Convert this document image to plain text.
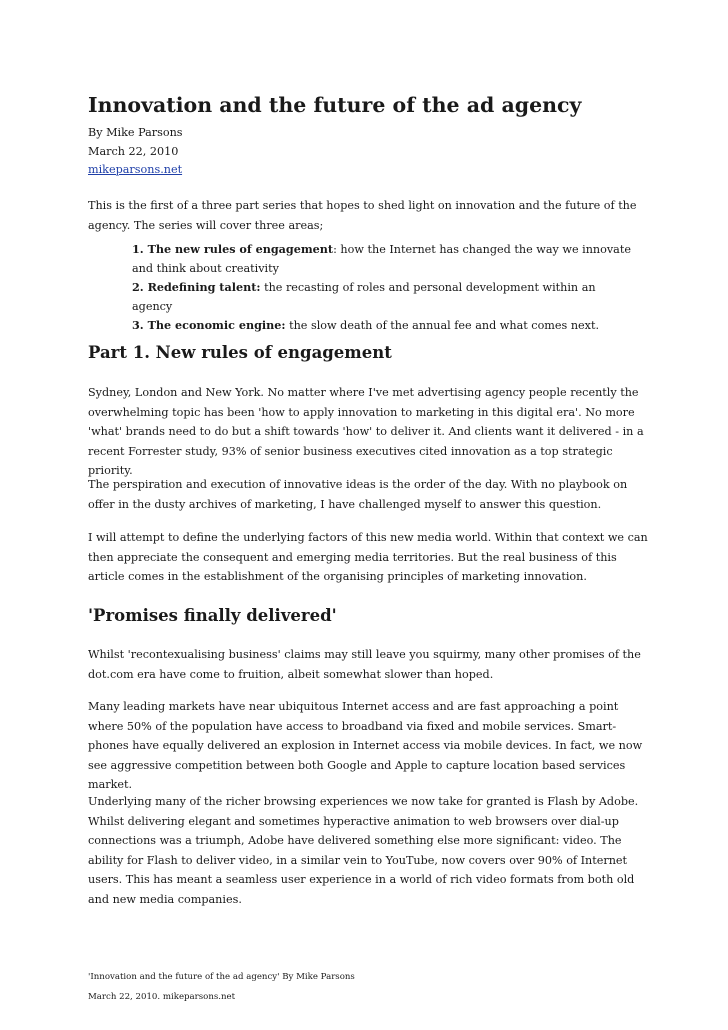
Innovation and the future of the ad agency
By Mike Parsons
March 22, 2010
mikeparsons.net

This is the first of a three part series that hopes to shed light on innovation and the future of the agency. The series will cover three areas;

1. The new rules of engagement: how the Internet has changed the way we innovate and think about creativity
2. Redefining talent: the recasting of roles and personal development within an agency
3. The economic engine: the slow death of the annual fee and what comes next.
Part 1. New rules of engagement

Sydney, London and New York. No matter where I've met advertising agency people recently the overwhelming topic has been 'how to apply innovation to marketing in this digital era'. No more 'what' brands need to do but a shift towards 'how' to deliver it. And clients want it delivered - in a recent Forrester study, 93% of senior business executives cited innovation as a top strategic priority.

The perspiration and execution of innovative ideas is the order of the day. With no playbook on offer in the dusty archives of marketing, I have challenged myself to answer this question.

I will attempt to define the underlying factors of this new media world. Within that context we can then appreciate the consequent and emerging media territories. But the real business of this article comes in the establishment of the organising principles of marketing innovation.

'Promises finally delivered'

Whilst 'recontexualising business' claims may still leave you squirmy, many other promises of the dot.com era have come to fruition, albeit somewhat slower than hoped.

Many leading markets have near ubiquitous Internet access and are fast approaching a point where 50% of the population have access to broadband via fixed and mobile services. Smart-phones have equally delivered an explosion in Internet access via mobile devices. In fact, we now see aggressive competition between both Google and Apple to capture location based services market.

Underlying many of the richer browsing experiences we now take for granted is Flash by Adobe. Whilst delivering elegant and sometimes hyperactive animation to web browsers over dial-up connections was a triumph, Adobe have delivered something else more significant: video. The ability for Flash to deliver video, in a similar vein to YouTube, now covers over 90% of Internet users. This has meant a seamless user experience in a world of rich video formats from both old and new media companies.

'Innovation and the future of the ad agency' By Mike Parsons
March 22, 2010. mikeparsons.net
